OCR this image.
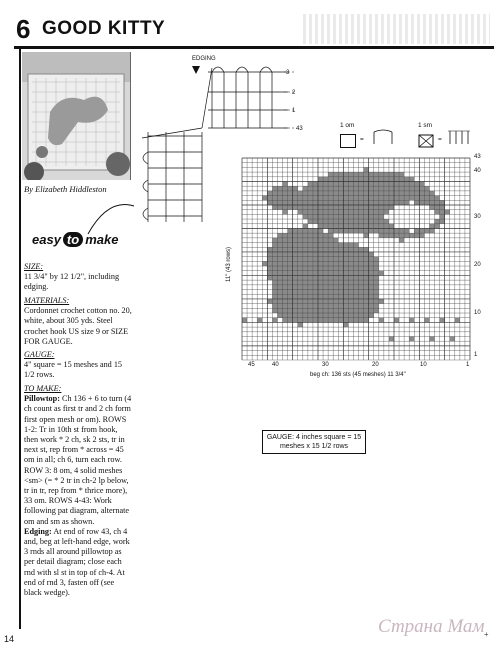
6 GOOD KITTY
By Elizabeth Hiddleston
easy to make
SIZE:
11 3/4" by 12 1/2", including edging.
MATERIALS:
Cordonnet crochet cotton no. 20, white, about 305 yds. Steel crochet hook US size 9 or SIZE FOR GAUGE.
GAUGE:
4" square = 15 meshes and 15 1/2 rows.
TO MAKE:
Pillowtop: Ch 136 + 6 to turn (4 ch count as first tr and 2 ch form first open mesh or om). ROWS 1-2: Tr in 10th st from hook, then work * 2 ch, sk 2 sts, tr in next st, rep from * across = 45 om in all; ch 6, turn each row. ROW 3: 8 om, 4 solid meshes <sm> (= * 2 tr in ch-2 lp below, tr in tr, rep from * thrice more), 33 om. ROWS 4-43: Work following pat diagram, alternate om and sm as shown.
Edging: At end of row 43, ch 4 and, beg at left-hand edge, work 3 rnds all around pillowtop as per detail diagram; close each rnd with sl st in top of ch-4. At end of rnd 3, fasten off (see black wedge).
EDGING
3
2
1
43	1 om
=
1 sm
=
11" (43 rows)
43
40
30
20
10
1
45	40	30	20	10	1
beg ch: 136 sts (45 meshes) 11 3/4"
GAUGE: 4 inches square = 15 meshes x 15 1/2 rows
14
Страна Мам +
